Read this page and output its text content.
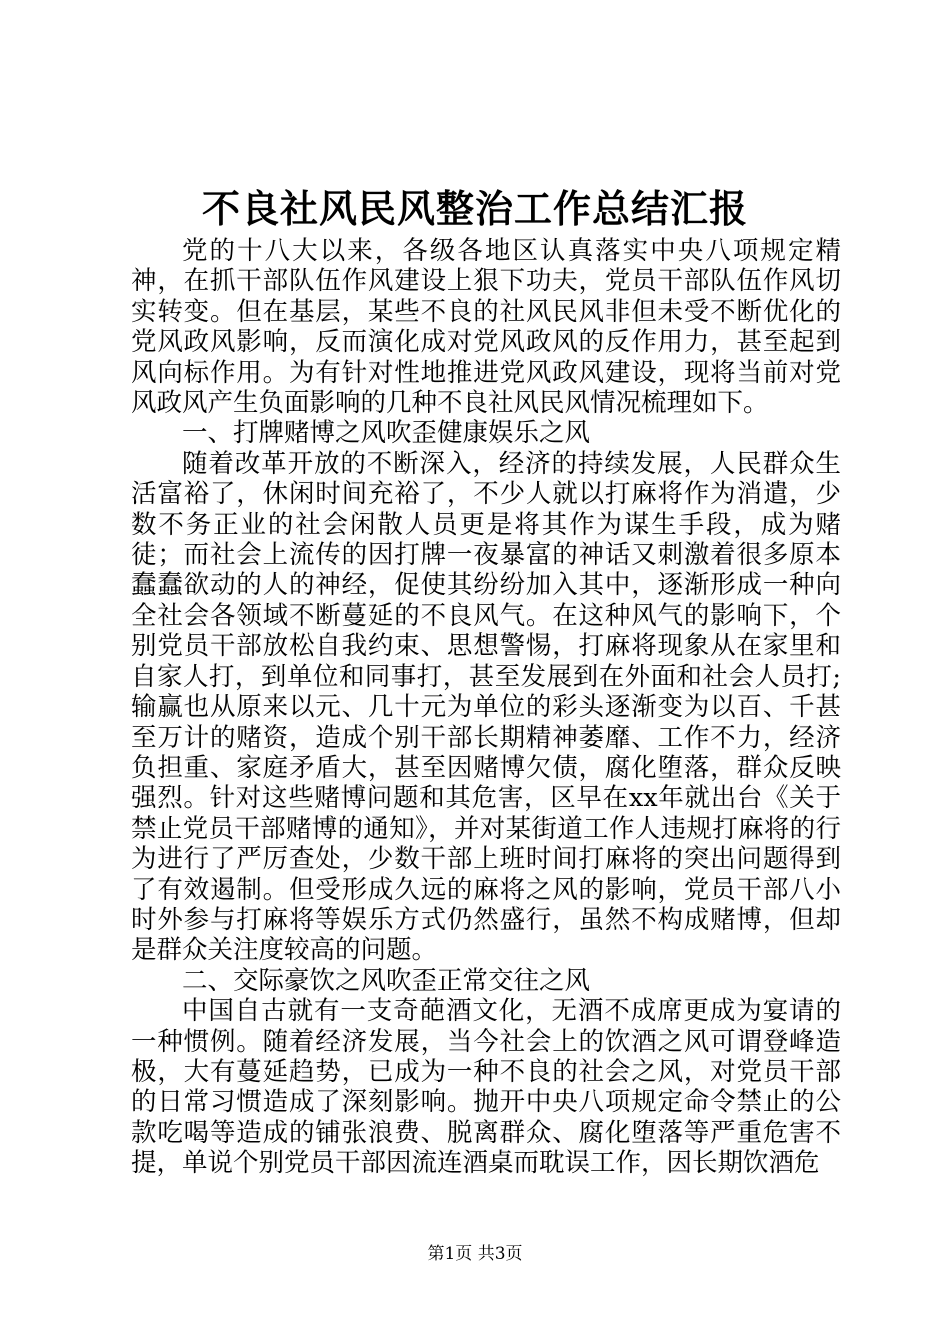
不良社风民风整治工作总结汇报

党的十八大以来，各级各地区认真落实中央八项规定精神，在抓干部队伍作风建设上狠下功夫，党员干部队伍作风切实转变。但在基层，某些不良的社风民风非但未受不断优化的党风政风影响，反而演化成对党风政风的反作用力，甚至起到风向标作用。为有针对性地推进党风政风建设，现将当前对党风政风产生负面影响的几种不良社风民风情况梳理如下。

一、打牌赌博之风吹歪健康娱乐之风

随着改革开放的不断深入，经济的持续发展，人民群众生活富裕了，休闲时间充裕了，不少人就以打麻将作为消遣，少数不务正业的社会闲散人员更是将其作为谋生手段，成为赌徒；而社会上流传的因打牌一夜暴富的神话又刺激着很多原本蠢蠢欲动的人的神经，促使其纷纷加入其中，逐渐形成一种向全社会各领域不断蔓延的不良风气。在这种风气的影响下，个别党员干部放松自我约束、思想警惕，打麻将现象从在家里和自家人打，到单位和同事打，甚至发展到在外面和社会人员打;输赢也从原来以元、几十元为单位的彩头逐渐变为以百、千甚至万计的赌资，造成个别干部长期精神萎靡、工作不力，经济负担重、家庭矛盾大，甚至因赌博欠债，腐化堕落，群众反映强烈。针对这些赌博问题和其危害，区早在xx年就出台《关于禁止党员干部赌博的通知》，并对某街道工作人违规打麻将的行为进行了严厉查处，少数干部上班时间打麻将的突出问题得到了有效遏制。但受形成久远的麻将之风的影响，党员干部八小时外参与打麻将等娱乐方式仍然盛行，虽然不构成赌博，但却是群众关注度较高的问题。

二、交际豪饮之风吹歪正常交往之风

中国自古就有一支奇葩酒文化，无酒不成席更成为宴请的一种惯例。随着经济发展，当今社会上的饮酒之风可谓登峰造极，大有蔓延趋势，已成为一种不良的社会之风，对党员干部的日常习惯造成了深刻影响。抛开中央八项规定命令禁止的公款吃喝等造成的铺张浪费、脱离群众、腐化堕落等严重危害不提，单说个别党员干部因流连酒桌而耽误工作，因长期饮酒危

第1页 共3页
